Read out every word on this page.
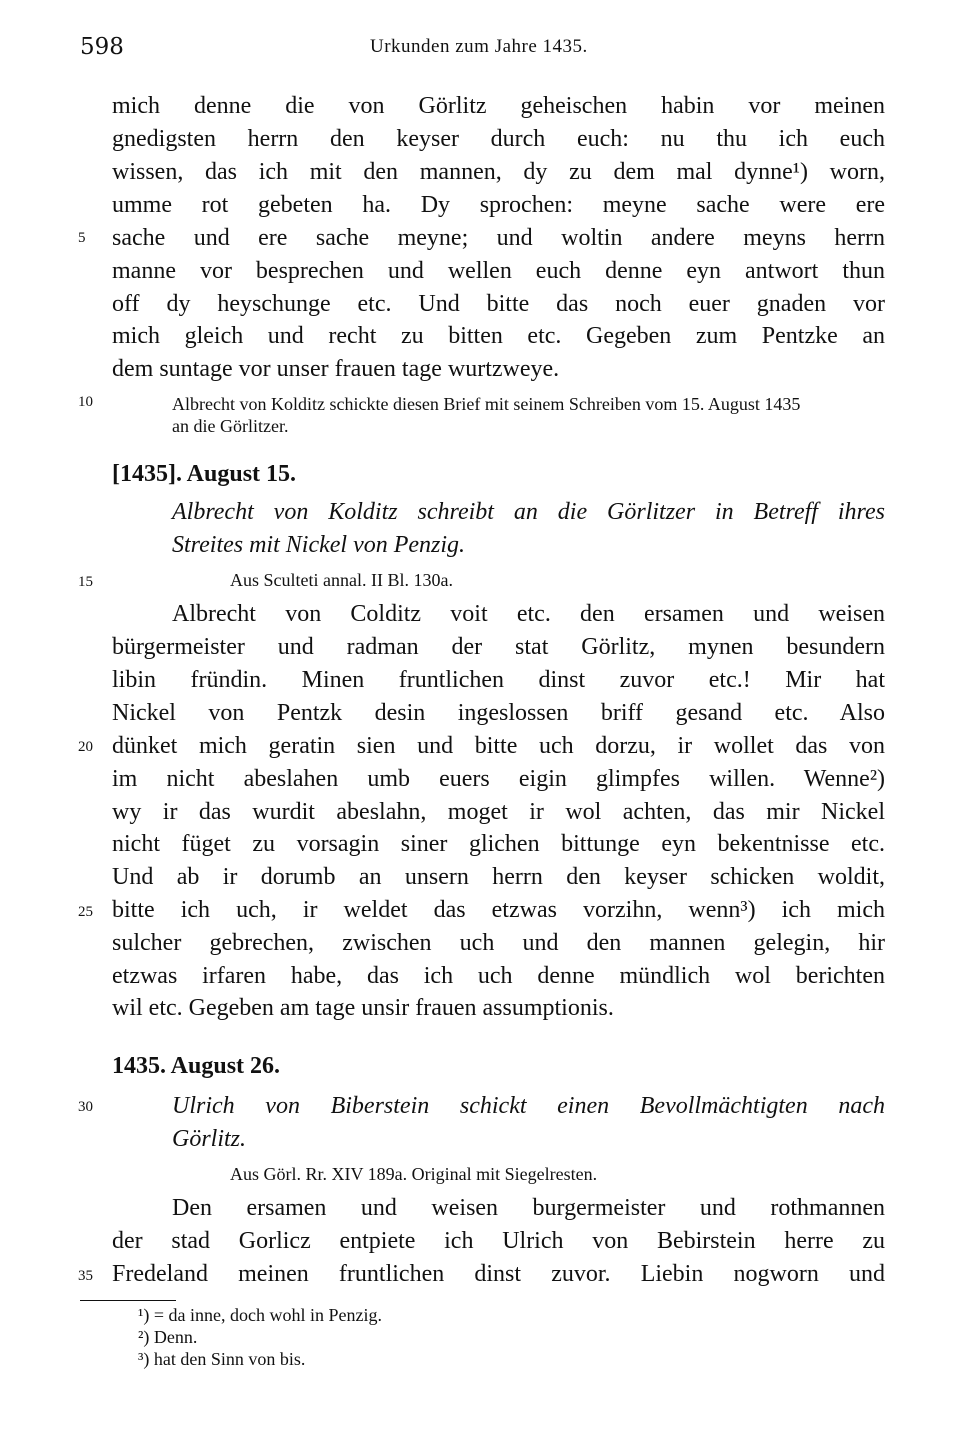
598	Urkunden zum Jahre 1435.
mich denne die von Görlitz geheischen habin vor meinen
gnedigsten herrn den keyser durch euch: nu thu ich euch
wissen, das ich mit den mannen, dy zu dem mal dynne¹) worn,
umme rot gebeten ha. Dy sprochen: meyne sache were ere
sache und ere sache meyne; und woltin andere meyns herrn
manne vor besprechen und wellen euch denne eyn antwort thun
off dy heyschunge etc. Und bitte das noch euer gnaden vor
mich gleich und recht zu bitten etc. Gegeben zum Pentzke an
dem suntage vor unser frauen tage wurtzweye.
Albrecht von Kolditz schickte diesen Brief mit seinem Schreiben vom 15. August 1435
an die Görlitzer.
[1435]. August 15.
Albrecht von Kolditz schreibt an die Görlitzer in Betreff ihres
Streites mit Nickel von Penzig.
Aus Sculteti annal. II Bl. 130a.
Albrecht von Colditz voit etc. den ersamen und weisen
bürgermeister und radman der stat Görlitz, mynen besundern
libin fründin. Minen fruntlichen dinst zuvor etc.! Mir hat
Nickel von Pentzk desin ingeslossen briff gesand etc. Also
dünket mich geratin sien und bitte uch dorzu, ir wollet das von
im nicht abeslahen umb euers eigin glimpfes willen. Wenne²)
wy ir das wurdit abeslahn, moget ir wol achten, das mir Nickel
nicht füget zu vorsagin siner glichen bittunge eyn bekentnisse etc.
Und ab ir dorumb an unsern herrn den keyser schicken woldit,
bitte ich uch, ir weldet das etzwas vorzihn, wenn³) ich mich
sulcher gebrechen, zwischen uch und den mannen gelegin, hir
etzwas irfaren habe, das ich uch denne mündlich wol berichten
wil etc. Gegeben am tage unsir frauen assumptionis.
1435. August 26.
Ulrich von Biberstein schickt einen Bevollmächtigten nach
Görlitz.
Aus Görl. Rr. XIV 189a. Original mit Siegelresten.
Den ersamen und weisen burgermeister und rothmannen
der stad Gorlicz entpiete ich Ulrich von Bebirstein herre zu
Fredeland meinen fruntlichen dinst zuvor. Liebin nogworn und
5
10
15
20
25
30
35
¹) = da inne, doch wohl in Penzig.
²) Denn.
³) hat den Sinn von bis.
